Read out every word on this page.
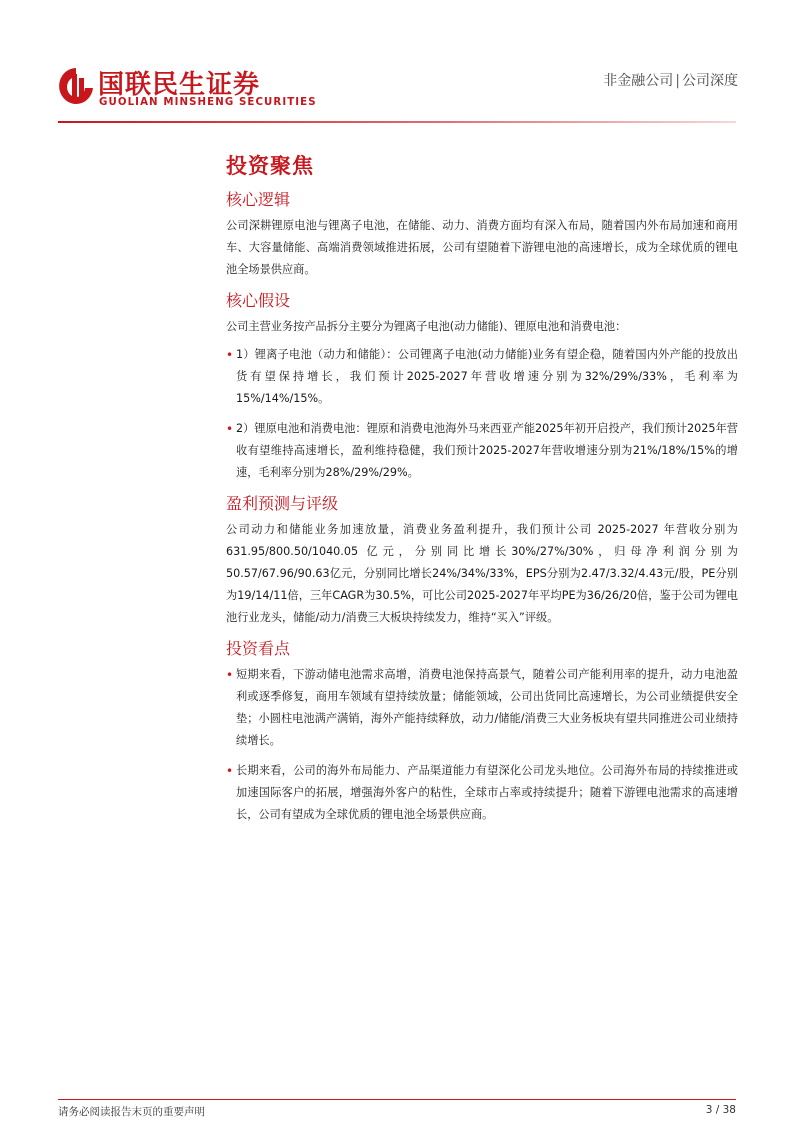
国联民生证券
GUOLIAN MINSHENG SECURITIES
非金融公司 | 公司深度
投资聚焦
核心逻辑

公司深耕锂原电池与锂离子电池，在储能、动力、消费方面均有深入布局，随着国内外布局加速和商用车、大容量储能、高端消费领域推进拓展，公司有望随着下游锂电池的高速增长，成为全球优质的锂电池全场景供应商。

核心假设

公司主营业务按产品拆分主要分为锂离子电池(动力储能)、锂原电池和消费电池：

• 1）锂离子电池（动力和储能）：公司锂离子电池(动力储能)业务有望企稳，随着国内外产能的投放出货有望保持增长，我们预计2025-2027年营收增速分别为32%/29%/33%，毛利率为15%/14%/15%。
• 2）锂原电池和消费电池：锂原和消费电池海外马来西亚产能2025年初开启投产，我们预计2025年营收有望维持高速增长，盈利维持稳健，我们预计2025-2027年营收增速分别为21%/18%/15%的增速，毛利率分别为28%/29%/29%。
盈利预测与评级

公司动力和储能业务加速放量，消费业务盈利提升，我们预计公司 2025-2027 年营收分别为631.95/800.50/1040.05 亿元，分别同比增长30%/27%/30%，归母净利润分别为50.57/67.96/90.63亿元，分别同比增长24%/34%/33%，EPS分别为2.47/3.32/4.43元/股，PE分别为19/14/11倍，三年CAGR为30.5%，可比公司2025-2027年平均PE为36/26/20倍，鉴于公司为锂电池行业龙头，储能/动力/消费三大板块持续发力，维持“买入”评级。

投资看点
• 短期来看，下游动储电池需求高增，消费电池保持高景气，随着公司产能利用率的提升，动力电池盈利或逐季修复，商用车领域有望持续放量；储能领域，公司出货同比高速增长，为公司业绩提供安全垫；小圆柱电池满产满销，海外产能持续释放，动力/储能/消费三大业务板块有望共同推进公司业绩持续增长。
• 长期来看，公司的海外布局能力、产品渠道能力有望深化公司龙头地位。公司海外布局的持续推进或加速国际客户的拓展，增强海外客户的粘性，全球市占率或持续提升；随着下游锂电池需求的高速增长，公司有望成为全球优质的锂电池全场景供应商。
请务必阅读报告末页的重要声明	3 / 38
